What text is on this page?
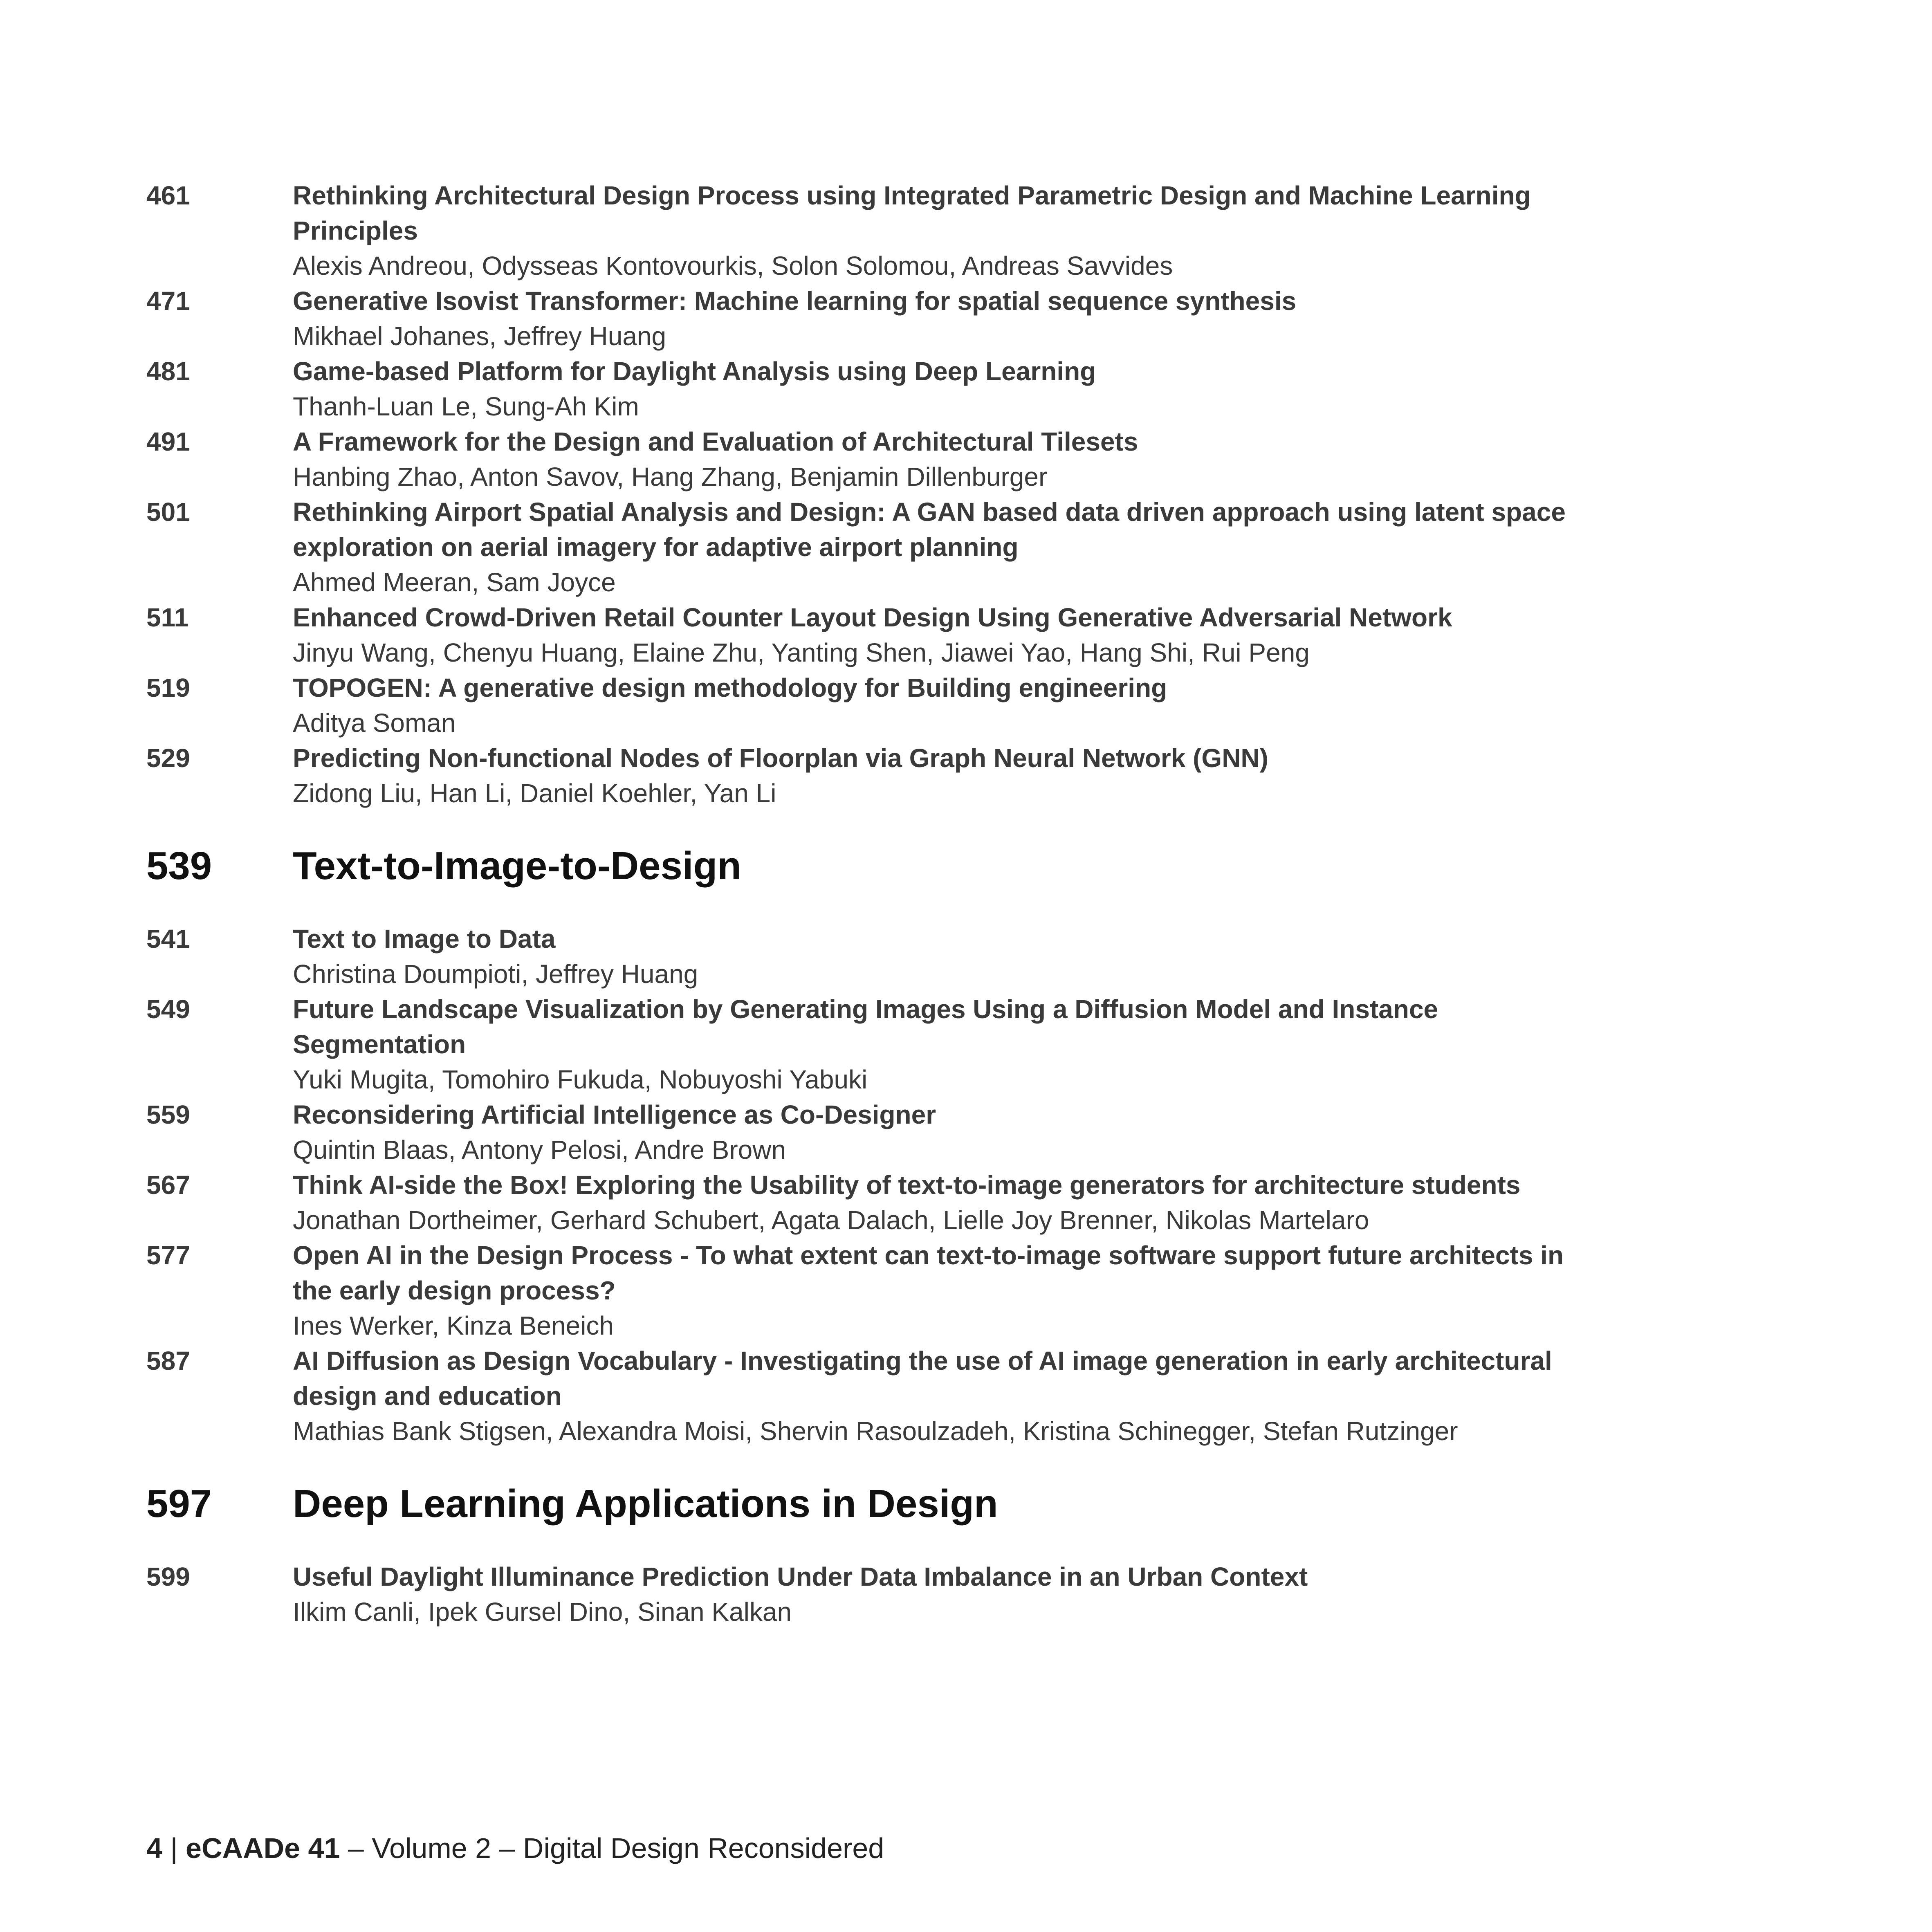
461	Rethinking Architectural Design Process using Integrated Parametric Design and Machine Learning Principles
Alexis Andreou, Odysseas Kontovourkis, Solon Solomou, Andreas Savvides
471	Generative Isovist Transformer: Machine learning for spatial sequence synthesis
Mikhael Johanes, Jeffrey Huang
481	Game-based Platform for Daylight Analysis using Deep Learning
Thanh-Luan Le, Sung-Ah Kim
491	A Framework for the Design and Evaluation of Architectural Tilesets
Hanbing Zhao, Anton Savov, Hang Zhang, Benjamin Dillenburger
501	Rethinking Airport Spatial Analysis and Design: A GAN based data driven approach using latent space exploration on aerial imagery for adaptive airport planning
Ahmed Meeran, Sam Joyce
511	Enhanced Crowd-Driven Retail Counter Layout Design Using Generative Adversarial Network
Jinyu Wang, Chenyu Huang, Elaine Zhu, Yanting Shen, Jiawei Yao, Hang Shi, Rui Peng
519	TOPOGEN: A generative design methodology for Building engineering
Aditya Soman
529	Predicting Non-functional Nodes of Floorplan via Graph Neural Network (GNN)
Zidong Liu, Han Li, Daniel Koehler, Yan Li
539	Text-to-Image-to-Design
541	Text to Image to Data
Christina Doumpioti, Jeffrey Huang
549	Future Landscape Visualization by Generating Images Using a Diffusion Model and Instance Segmentation
Yuki Mugita, Tomohiro Fukuda, Nobuyoshi Yabuki
559	Reconsidering Artificial Intelligence as Co-Designer
Quintin Blaas, Antony Pelosi, Andre Brown
567	Think AI-side the Box! Exploring the Usability of text-to-image generators for architecture students
Jonathan Dortheimer, Gerhard Schubert, Agata Dalach, Lielle Joy Brenner, Nikolas Martelaro
577	Open AI in the Design Process - To what extent can text-to-image software support future architects in the early design process?
Ines Werker, Kinza Beneich
587	AI Diffusion as Design Vocabulary - Investigating the use of AI image generation in early architectural design and education
Mathias Bank Stigsen, Alexandra Moisi, Shervin Rasoulzadeh, Kristina Schinegger, Stefan Rutzinger
597	Deep Learning Applications in Design
599	Useful Daylight Illuminance Prediction Under Data Imbalance in an Urban Context
Ilkim Canli, Ipek Gursel Dino, Sinan Kalkan
4 | eCAADe 41 – Volume 2 – Digital Design Reconsidered
